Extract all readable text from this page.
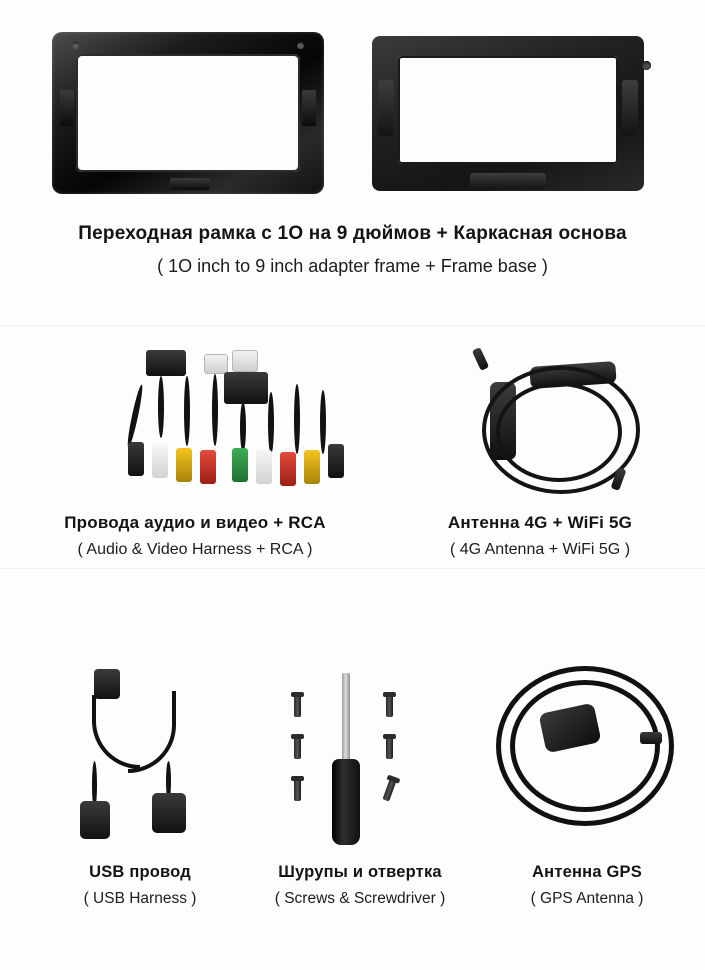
Переходная рамка с 1O на 9 дюймов + Каркасная основа
( 1O inch to 9 inch adapter frame + Frame base )
Провода аудио и видео + RCA
( Audio & Video Harness + RCA )
Антенна 4G + WiFi 5G
( 4G Antenna + WiFi 5G )
USB провод
( USB Harness )
Шурупы и отвертка
( Screws & Screwdriver )
Антенна GPS
( GPS Antenna )
